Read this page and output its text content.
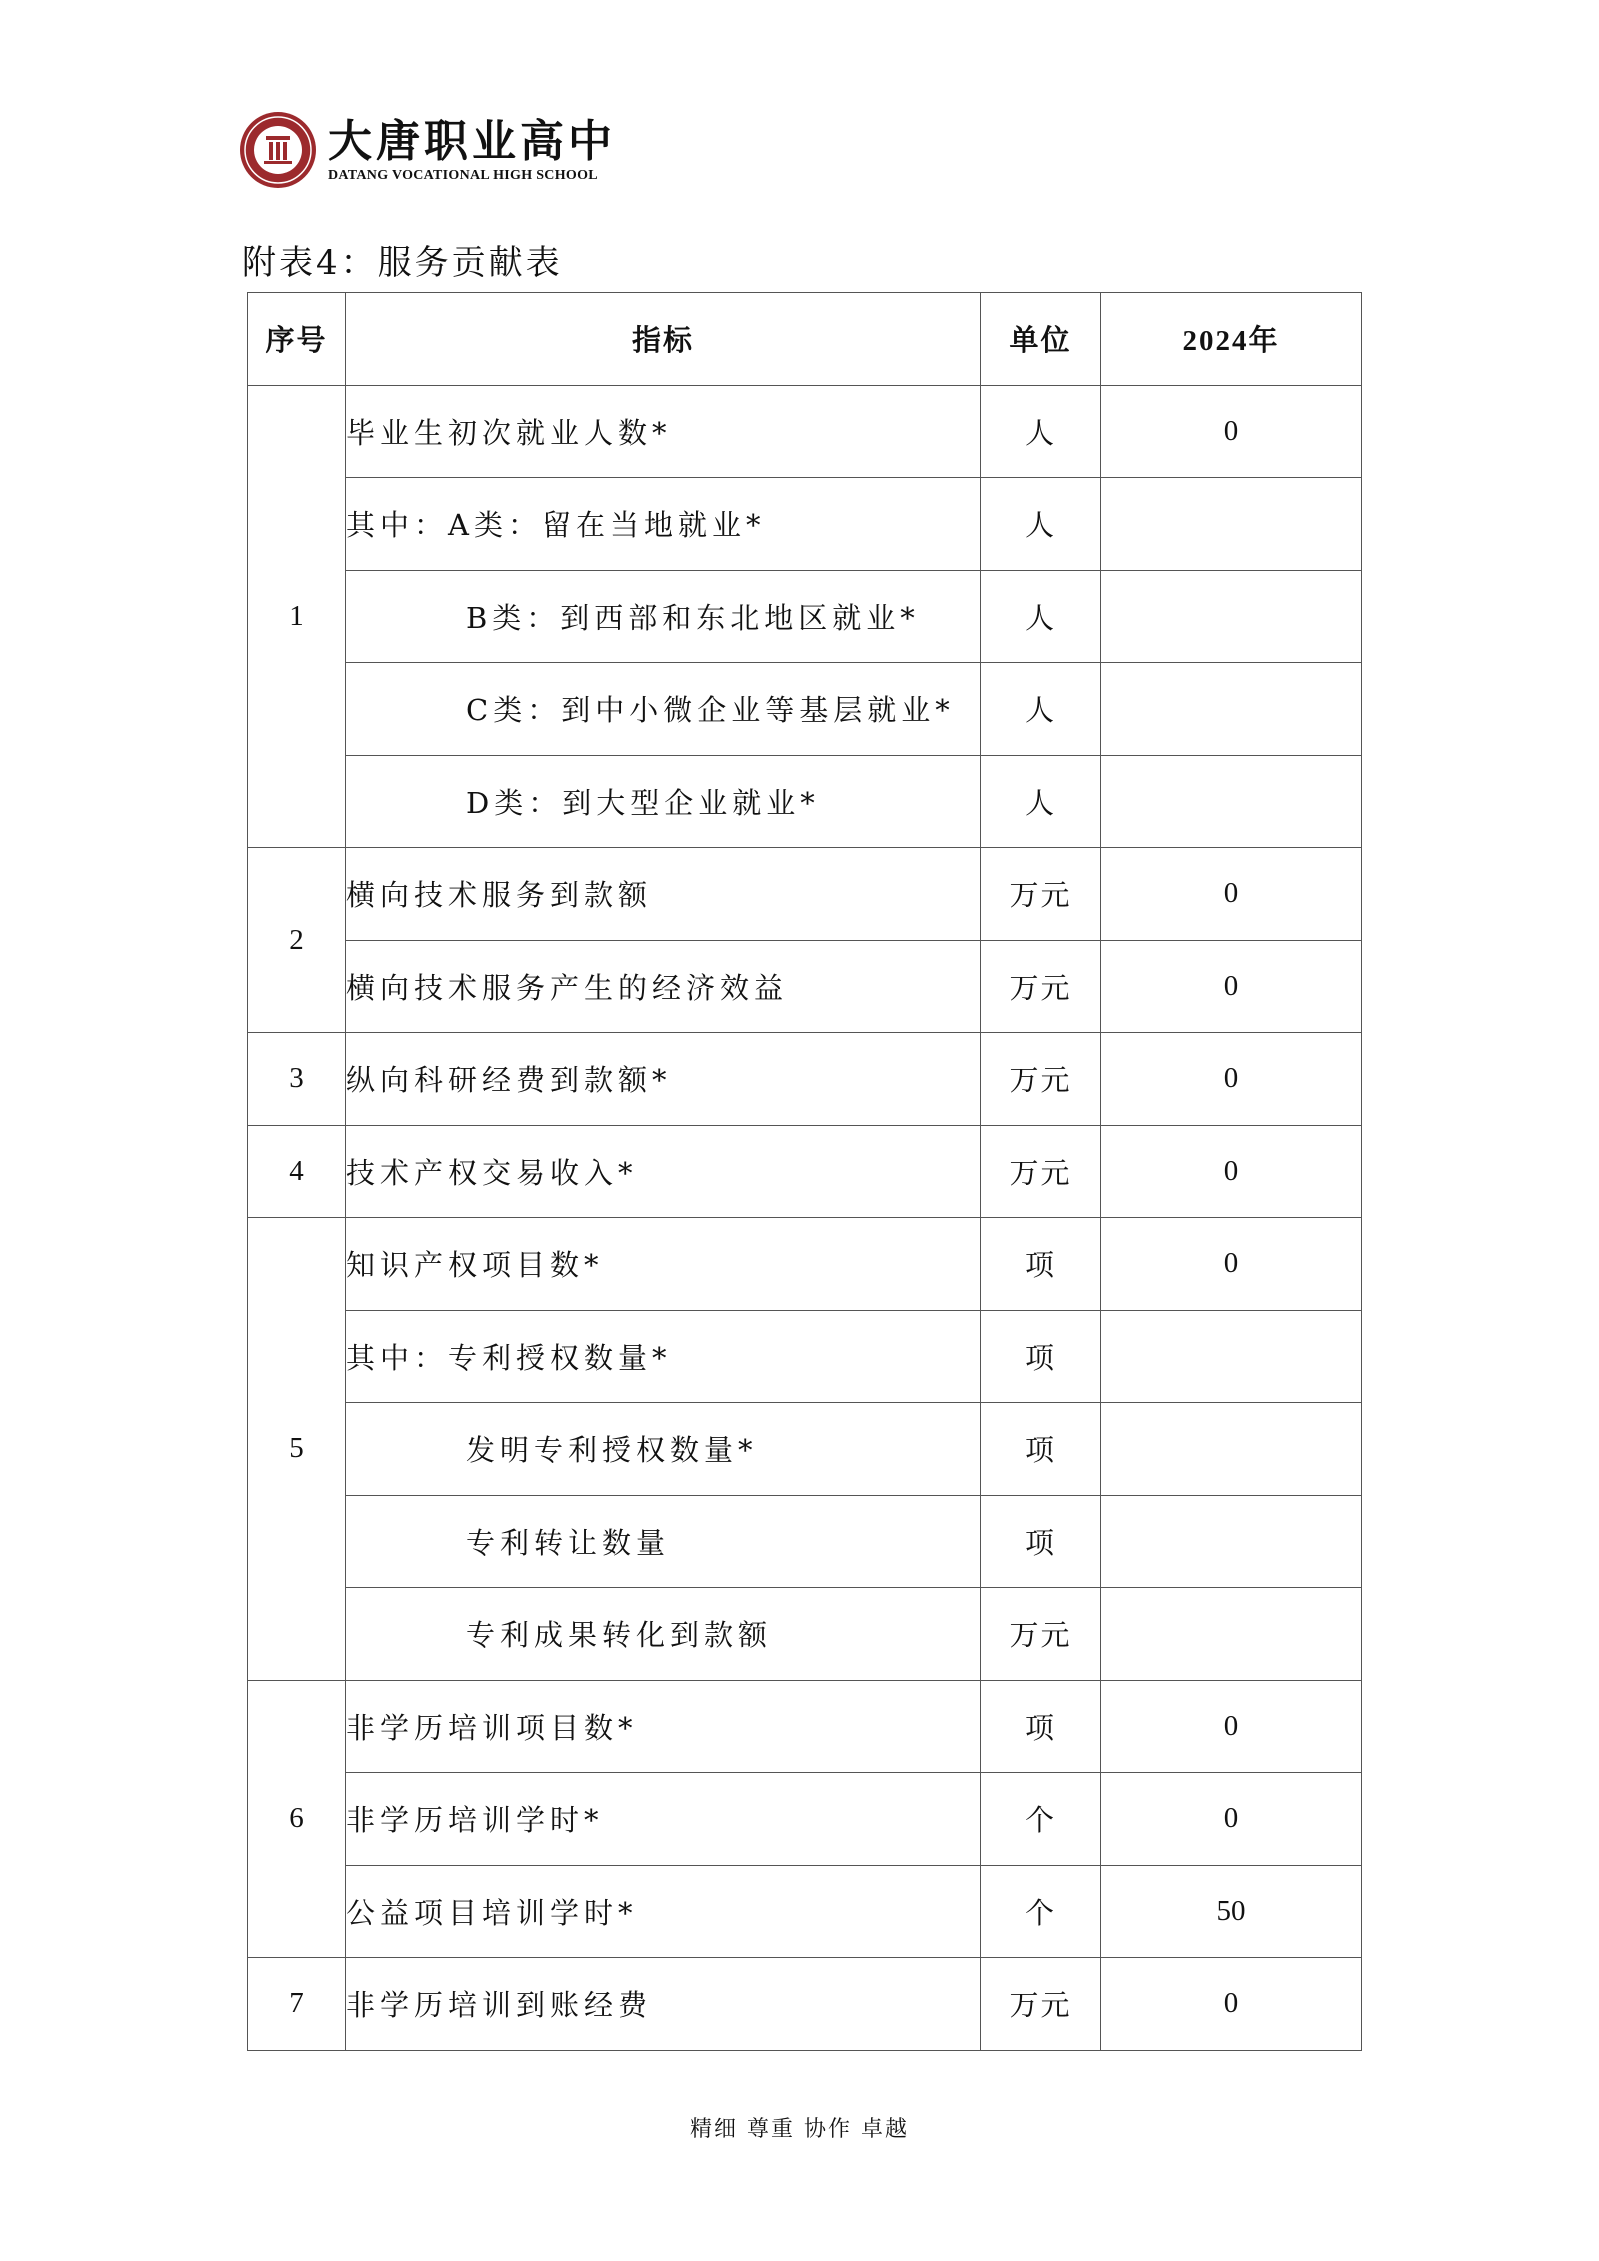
大唐职业高中
DATANG VOCATIONAL HIGH SCHOOL
附表4：服务贡献表
序号	指标	单位	2024年
1	毕业生初次就业人数*	人	0
	其中：A类：留在当地就业*	人	
	B类：到西部和东北地区就业*	人	
	C类：到中小微企业等基层就业*	人	
	D类：到大型企业就业*	人	
2	横向技术服务到款额	万元	0
	横向技术服务产生的经济效益	万元	0
3	纵向科研经费到款额*	万元	0
4	技术产权交易收入*	万元	0
5	知识产权项目数*	项	0
	其中：专利授权数量*	项	
	发明专利授权数量*	项	
	专利转让数量	项	
	专利成果转化到款额	万元	
6	非学历培训项目数*	项	0
	非学历培训学时*	个	0
	公益项目培训学时*	个	50
7	非学历培训到账经费	万元	0
精细 尊重 协作 卓越
